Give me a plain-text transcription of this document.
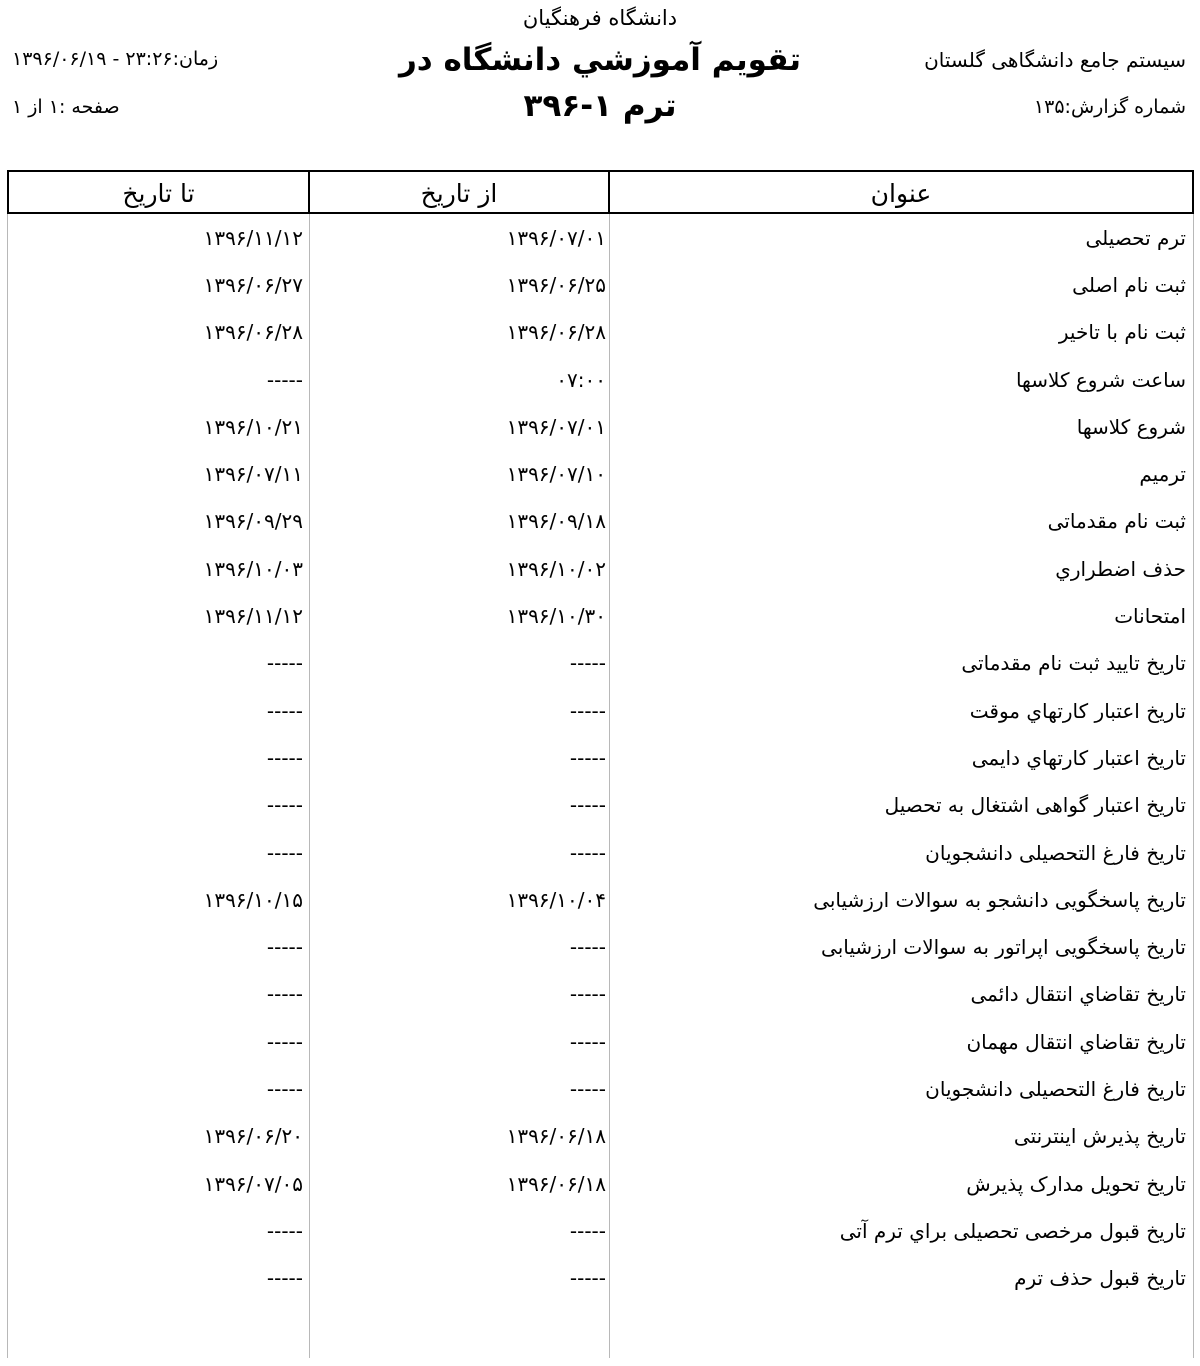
دانشگاه فرهنگیان
تقویم آموزشي دانشگاه در
ترم ۱-۳۹۶
سیستم جامع دانشگاهی گلستان
شماره گزارش:۱۳۵
زمان:۲۳:۲۶ - ۱۳۹۶/۰۶/۱۹
صفحه :۱ از ۱
عنوان
از تاریخ
تا تاریخ
ترم تحصیلی
۱۳۹۶/۰۷/۰۱
۱۳۹۶/۱۱/۱۲
ثبت نام اصلی
۱۳۹۶/۰۶/۲۵
۱۳۹۶/۰۶/۲۷
ثبت نام با تاخیر
۱۳۹۶/۰۶/۲۸
۱۳۹۶/۰۶/۲۸
ساعت شروع کلاسها
۰۷:۰۰
-----
شروع کلاسها
۱۳۹۶/۰۷/۰۱
۱۳۹۶/۱۰/۲۱
ترمیم
۱۳۹۶/۰۷/۱۰
۱۳۹۶/۰۷/۱۱
ثبت نام مقدماتی
۱۳۹۶/۰۹/۱۸
۱۳۹۶/۰۹/۲۹
حذف اضطراري
۱۳۹۶/۱۰/۰۲
۱۳۹۶/۱۰/۰۳
امتحانات
۱۳۹۶/۱۰/۳۰
۱۳۹۶/۱۱/۱۲
تاریخ تایید ثبت نام مقدماتی
-----
-----
تاریخ اعتبار کارتهاي موقت
-----
-----
تاریخ اعتبار کارتهاي دايمی
-----
-----
تاریخ اعتبار گواهی اشتغال به تحصیل
-----
-----
تاریخ فارغ التحصیلی دانشجویان
-----
-----
تاریخ پاسخگویی دانشجو به سوالات ارزشیابی
۱۳۹۶/۱۰/۰۴
۱۳۹۶/۱۰/۱۵
تاریخ پاسخگویی اپراتور به سوالات ارزشیابی
-----
-----
تاریخ تقاضاي انتقال دائمی
-----
-----
تاریخ تقاضاي انتقال مهمان
-----
-----
تاریخ فارغ التحصیلی دانشجویان
-----
-----
تاریخ پذیرش اینترنتی
۱۳۹۶/۰۶/۱۸
۱۳۹۶/۰۶/۲۰
تاریخ تحویل مدارک پذیرش
۱۳۹۶/۰۶/۱۸
۱۳۹۶/۰۷/۰۵
تاریخ قبول مرخصی تحصیلی براي ترم آتی
-----
-----
تاریخ قبول حذف ترم
-----
-----
